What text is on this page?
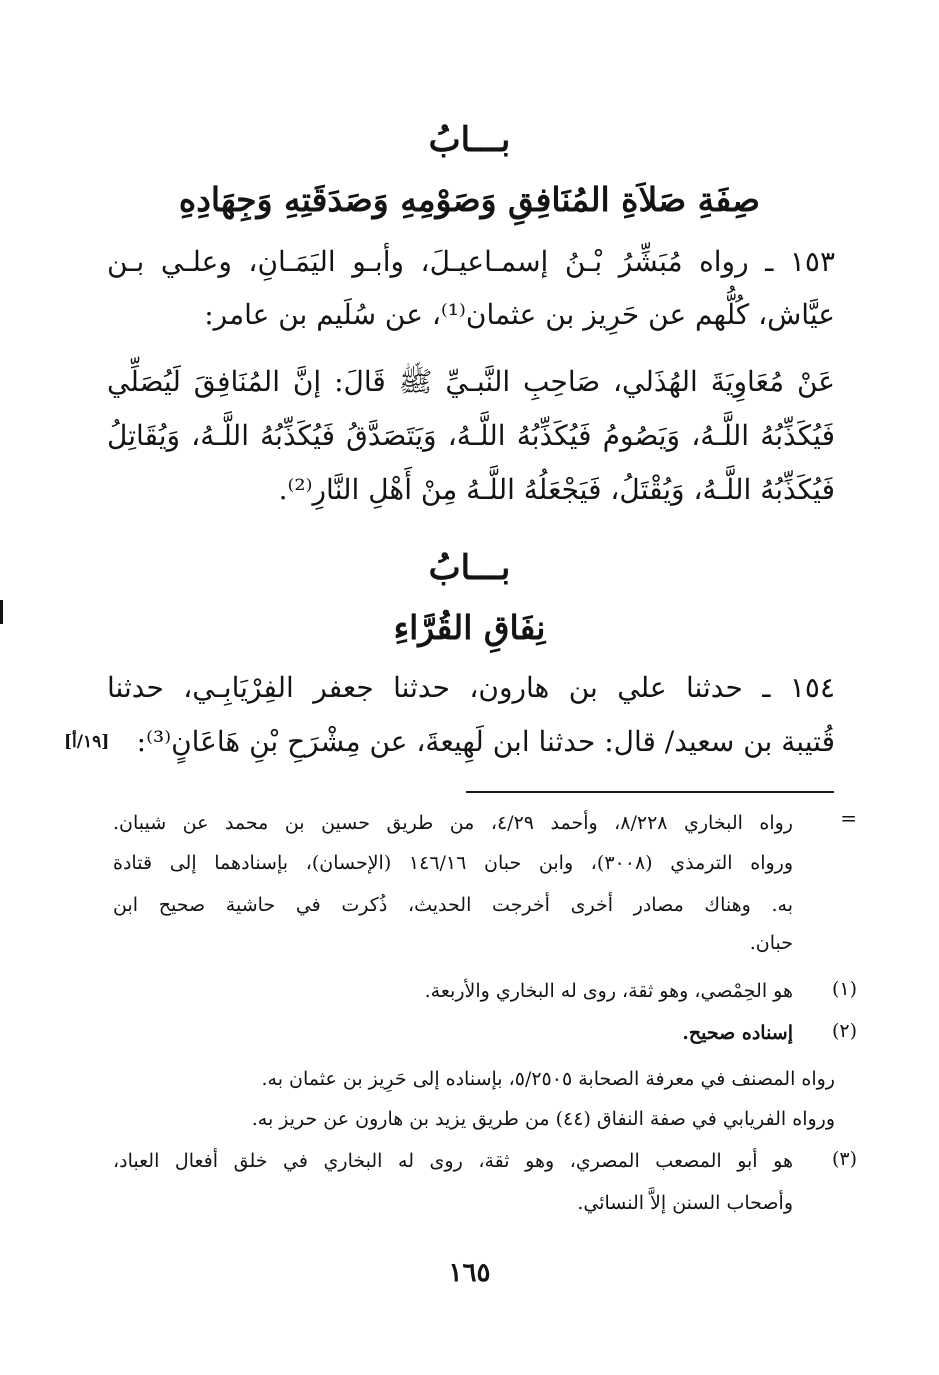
بـــابُ
صِفَةِ صَلاَةِ المُنَافِقِ وَصَوْمِهِ وَصَدَقَتِهِ وَجِهَادِهِ
١٥٣ ـ رواه مُبَشِّرُ بْـنُ إسمـاعيـلَ، وأبـو اليَمَـانِ، وعلـي بـن
عيَّاش، كُلُّهم عن حَرِيز بن عثمان⁽¹⁾، عن سُلَيم بن عامر:
عَنْ مُعَاوِيَةَ الهُذَلي، صَاحِبِ النَّبـيِّ ﷺ قَالَ: إنَّ المُنَافِقَ لَيُصَلِّي
فَيُكَذِّبُهُ اللَّـهُ، وَيَصُومُ فَيُكَذِّبُهُ اللَّـهُ، وَيَتَصَدَّقُ فَيُكَذِّبُهُ اللَّـهُ، وَيُقَاتِلُ
فَيُكَذِّبُهُ اللَّـهُ، وَيُقْتَلُ، فَيَجْعَلُهُ اللَّـهُ مِنْ أَهْلِ النَّارِ⁽²⁾.
بـــابُ
نِفَاقِ القُرَّاءِ
١٥٤ ـ حدثنا علي بن هارون، حدثنا جعفر الفِرْيَابِـي، حدثنا
قُتيبة بن سعيد/ قال: حدثنا ابن لَهِيعةَ، عن مِشْرَحِ بْنِ هَاعَانٍ⁽³⁾:
[١٩/أ]
=
رواه البخاري ٨/٢٢٨، وأحمد ٤/٢٩، من طريق حسين بن محمد عن شيبان.
ورواه الترمذي (٣٠٠٨)، وابن حبان ١٤٦/١٦ (الإحسان)، بإسنادهما إلى قتادة
به. وهناك مصادر أخرى أخرجت الحديث، ذُكرت في حاشية صحيح ابن
حبان.
(١)
هو الحِمْصي، وهو ثقة، روى له البخاري والأربعة.
(٢)
إسناده صحيح.
رواه المصنف في معرفة الصحابة ٥/٢٥٠٥، بإسناده إلى حَرِيز بن عثمان به.
ورواه الفريابي في صفة النفاق (٤٤) من طريق يزيد بن هارون عن حريز به.
(٣)
هو أبو المصعب المصري، وهو ثقة، روى له البخاري في خلق أفعال العباد،
وأصحاب السنن إلاَّ النسائي.
١٦٥
